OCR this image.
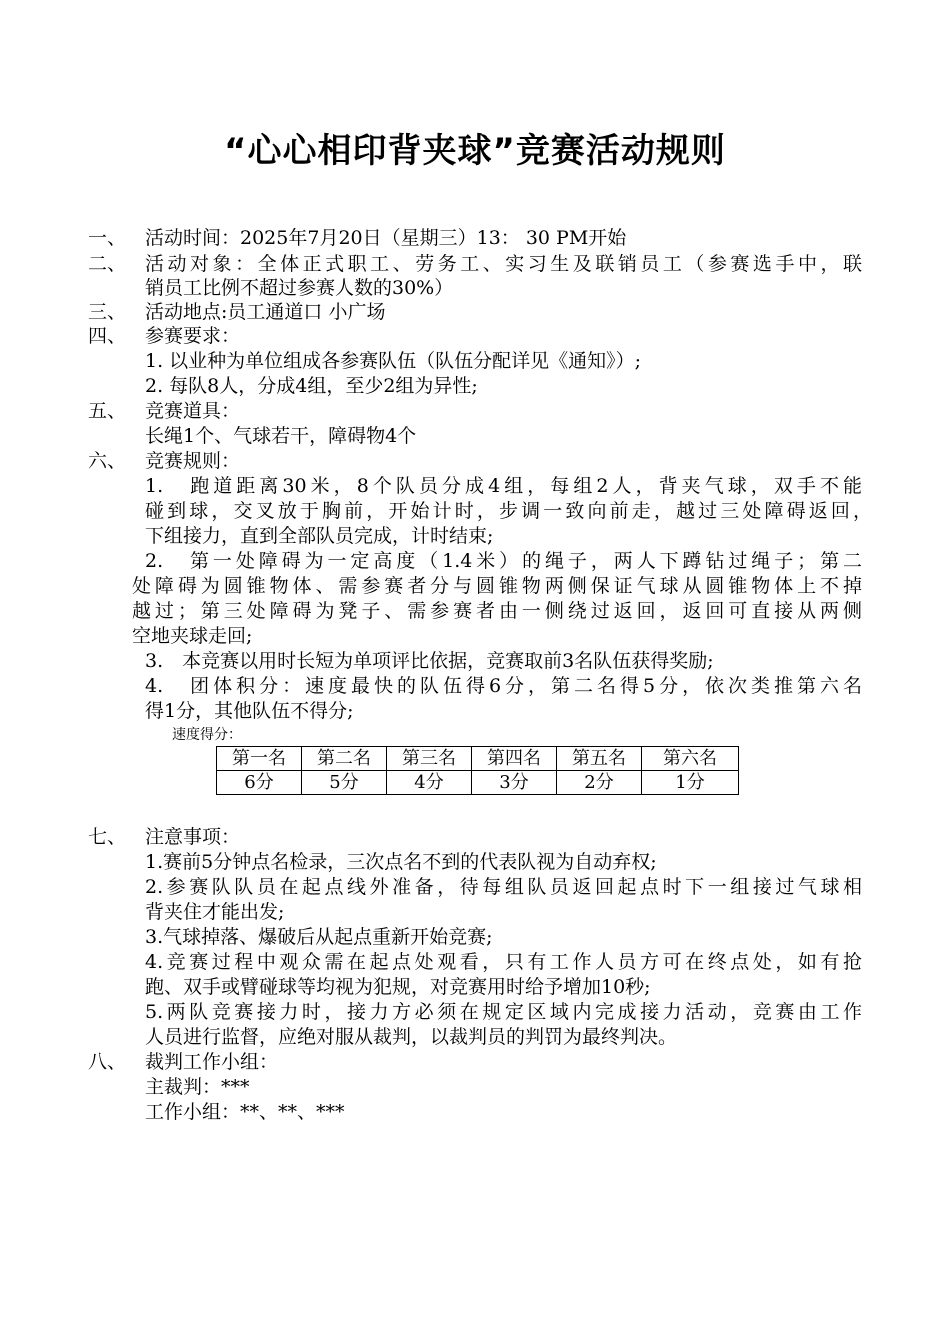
“心心相印背夹球”竞赛活动规则
一、 活动时间：2025年7月20日（星期三）13： 30 PM开始
二、 活动对象：全体正式职工、劳务工、实习生及联销员工（参赛选手中，联
销员工比例不超过参赛人数的30%）
三、 活动地点:员工通道口 小广场
四、 参赛要求：
1. 以业种为单位组成各参赛队伍（队伍分配详见《通知》）;
2. 每队8人，分成4组，至少2组为异性;
五、 竞赛道具：
长绳1个、气球若干，障碍物4个
六、 竞赛规则：
1.　跑道距离30米，8个队员分成4组，每组2人，背夹气球，双手不能
碰到球，交叉放于胸前，开始计时，步调一致向前走，越过三处障碍返回，
下组接力，直到全部队员完成，计时结束;
2.　第一处障碍为一定高度（1.4米）的绳子，两人下蹲钻过绳子；第二
处障碍为圆锥物体、需参赛者分与圆锥物两侧保证气球从圆锥物体上不掉
越过；第三处障碍为凳子、需参赛者由一侧绕过返回，返回可直接从两侧
空地夹球走回;
3.　本竞赛以用时长短为单项评比依据，竞赛取前3名队伍获得奖励;
4.　团体积分：速度最快的队伍得6分，第二名得5分，依次类推第六名
得1分，其他队伍不得分;
速度得分：
第一名	第二名	第三名	第四名	第五名	第六名
6分	5分	4分	3分	2分	1分
七、 注意事项：
1.赛前5分钟点名检录，三次点名不到的代表队视为自动弃权;
2.参赛队队员在起点线外准备，待每组队员返回起点时下一组接过气球相
背夹住才能出发;
3.气球掉落、爆破后从起点重新开始竞赛;
4.竞赛过程中观众需在起点处观看，只有工作人员方可在终点处，如有抢
跑、双手或臂碰球等均视为犯规，对竞赛用时给予增加10秒;
5.两队竞赛接力时，接力方必须在规定区域内完成接力活动，竞赛由工作
人员进行监督，应绝对服从裁判，以裁判员的判罚为最终判决。
八、 裁判工作小组：
主裁判：***
工作小组：**、**、***
